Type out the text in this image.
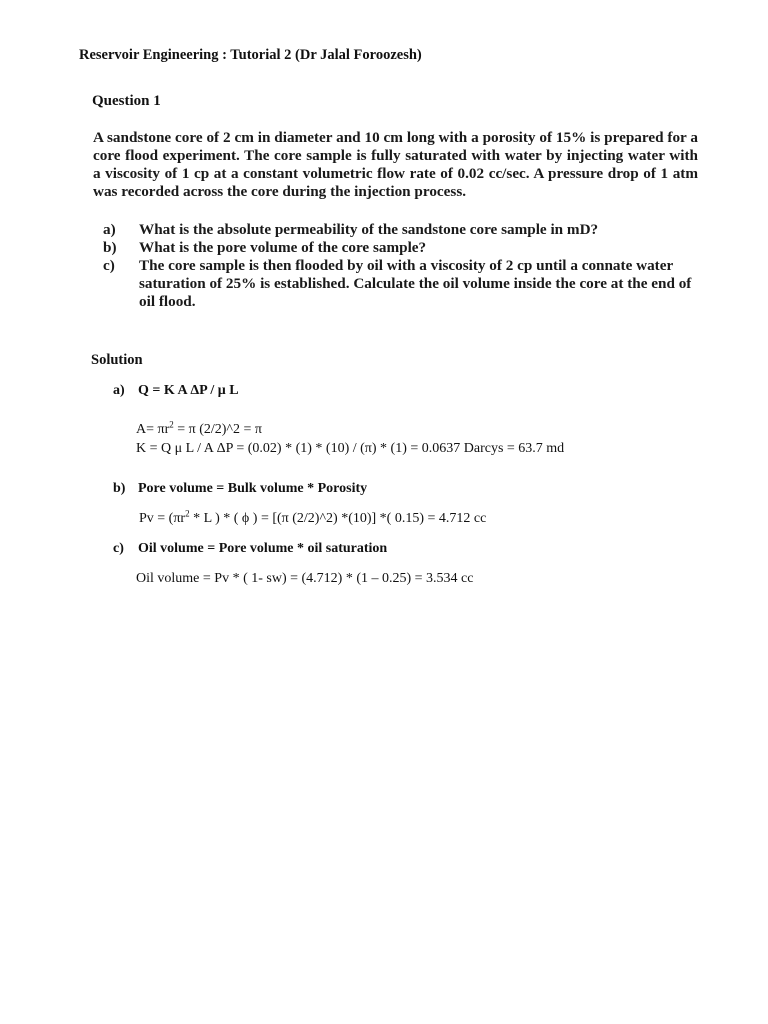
Reservoir Engineering : Tutorial 2 (Dr Jalal Foroozesh)
Question 1

A sandstone core of 2 cm in diameter and 10 cm long with a porosity of 15% is prepared for a core flood experiment. The core sample is fully saturated with water by injecting water with a viscosity of 1 cp at a constant volumetric flow rate of 0.02 cc/sec. A pressure drop of 1 atm was recorded across the core during the injection process.

a)	What is the absolute permeability of the sandstone core sample in mD?
b)	What is the pore volume of the core sample?
c)	The core sample is then flooded by oil with a viscosity of 2 cp until a connate water saturation of 25% is established. Calculate the oil volume inside the core at the end of oil flood.
Solution
a) Q = K A ΔP / μ L
$A= \pi r^2 = \pi$ (2/2)^2 = π
K = Q μ L / A ΔP = (0.02) * (1) * (10) / (π) * (1) = 0.0637 Darcys = 63.7 md
b) Pore volume = Bulk volume * Porosity
$Pv = (\pi r^2 * L$ ) * ( ϕ ) = [(π (2/2)^2) *(10)] *( 0.15) = 4.712 cc
c)	Oil volume = Pore volume * oil saturation
Oil volume = Pv * ( 1- sw) = (4.712) * (1 – 0.25) = 3.534 cc
